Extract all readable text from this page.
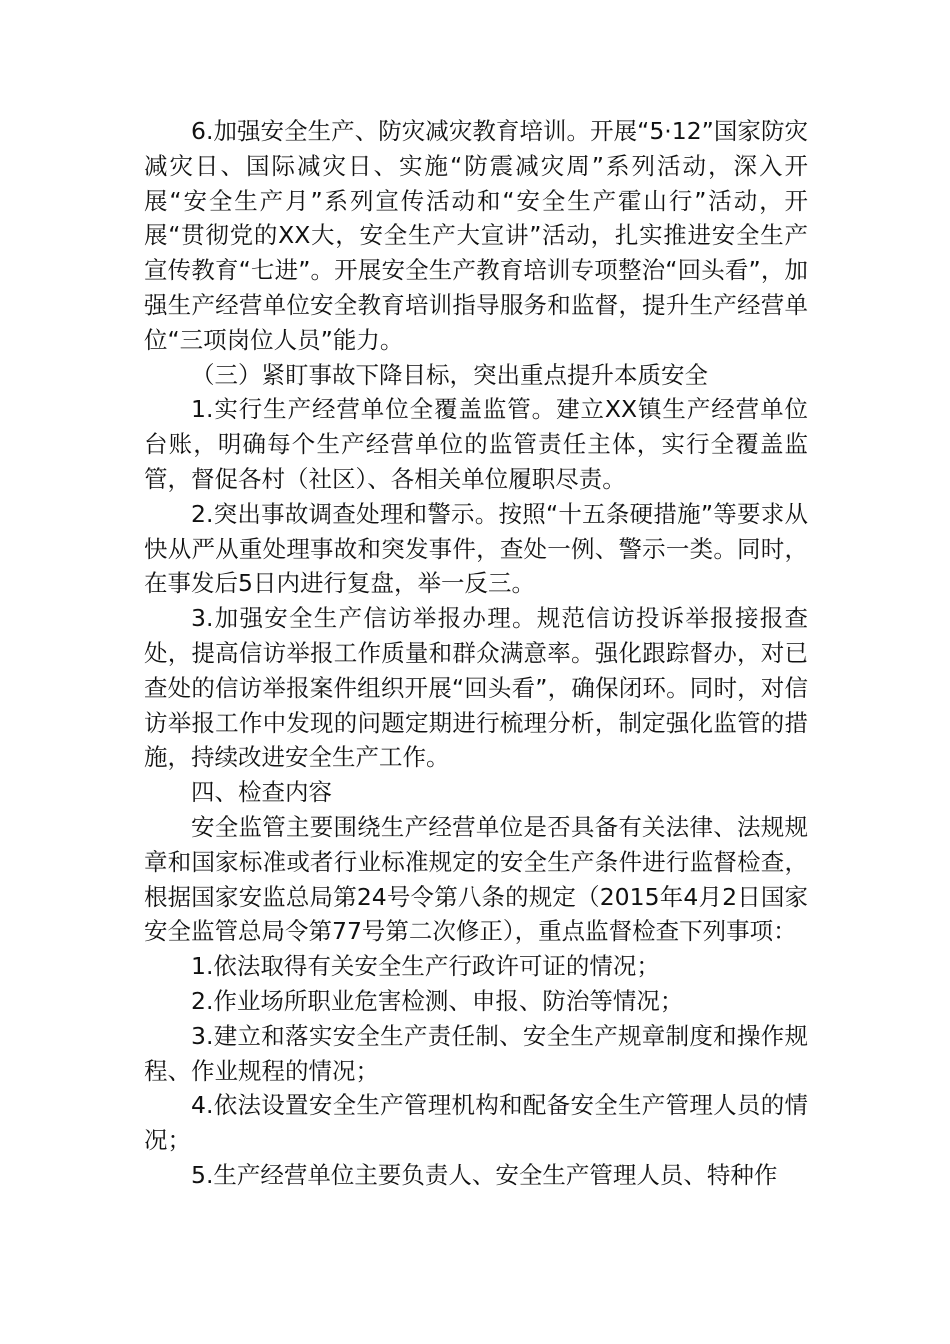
6.加强安全生产、防灾减灾教育培训。开展“5·12”国家防灾减灾日、国际减灾日、实施“防震减灾周”系列活动，深入开展“安全生产月”系列宣传活动和“安全生产霍山行”活动，开展“贯彻党的XX大，安全生产大宣讲”活动，扎实推进安全生产宣传教育“七进”。开展安全生产教育培训专项整治“回头看”，加强生产经营单位安全教育培训指导服务和监督，提升生产经营单位“三项岗位人员”能力。

（三）紧盯事故下降目标，突出重点提升本质安全

1.实行生产经营单位全覆盖监管。建立XX镇生产经营单位台账，明确每个生产经营单位的监管责任主体，实行全覆盖监管，督促各村（社区）、各相关单位履职尽责。

2.突出事故调查处理和警示。按照“十五条硬措施”等要求从快从严从重处理事故和突发事件，查处一例、警示一类。同时，在事发后5日内进行复盘，举一反三。

3.加强安全生产信访举报办理。规范信访投诉举报接报查处，提高信访举报工作质量和群众满意率。强化跟踪督办，对已查处的信访举报案件组织开展“回头看”，确保闭环。同时，对信访举报工作中发现的问题定期进行梳理分析，制定强化监管的措施，持续改进安全生产工作。

四、检查内容

安全监管主要围绕生产经营单位是否具备有关法律、法规规章和国家标准或者行业标准规定的安全生产条件进行监督检查，根据国家安监总局第24号令第八条的规定（2015年4月2日国家安全监管总局令第77号第二次修正），重点监督检查下列事项：

1.依法取得有关安全生产行政许可证的情况；

2.作业场所职业危害检测、申报、防治等情况；

3.建立和落实安全生产责任制、安全生产规章制度和操作规程、作业规程的情况；

4.依法设置安全生产管理机构和配备安全生产管理人员的情况；

5.生产经营单位主要负责人、安全生产管理人员、特种作
